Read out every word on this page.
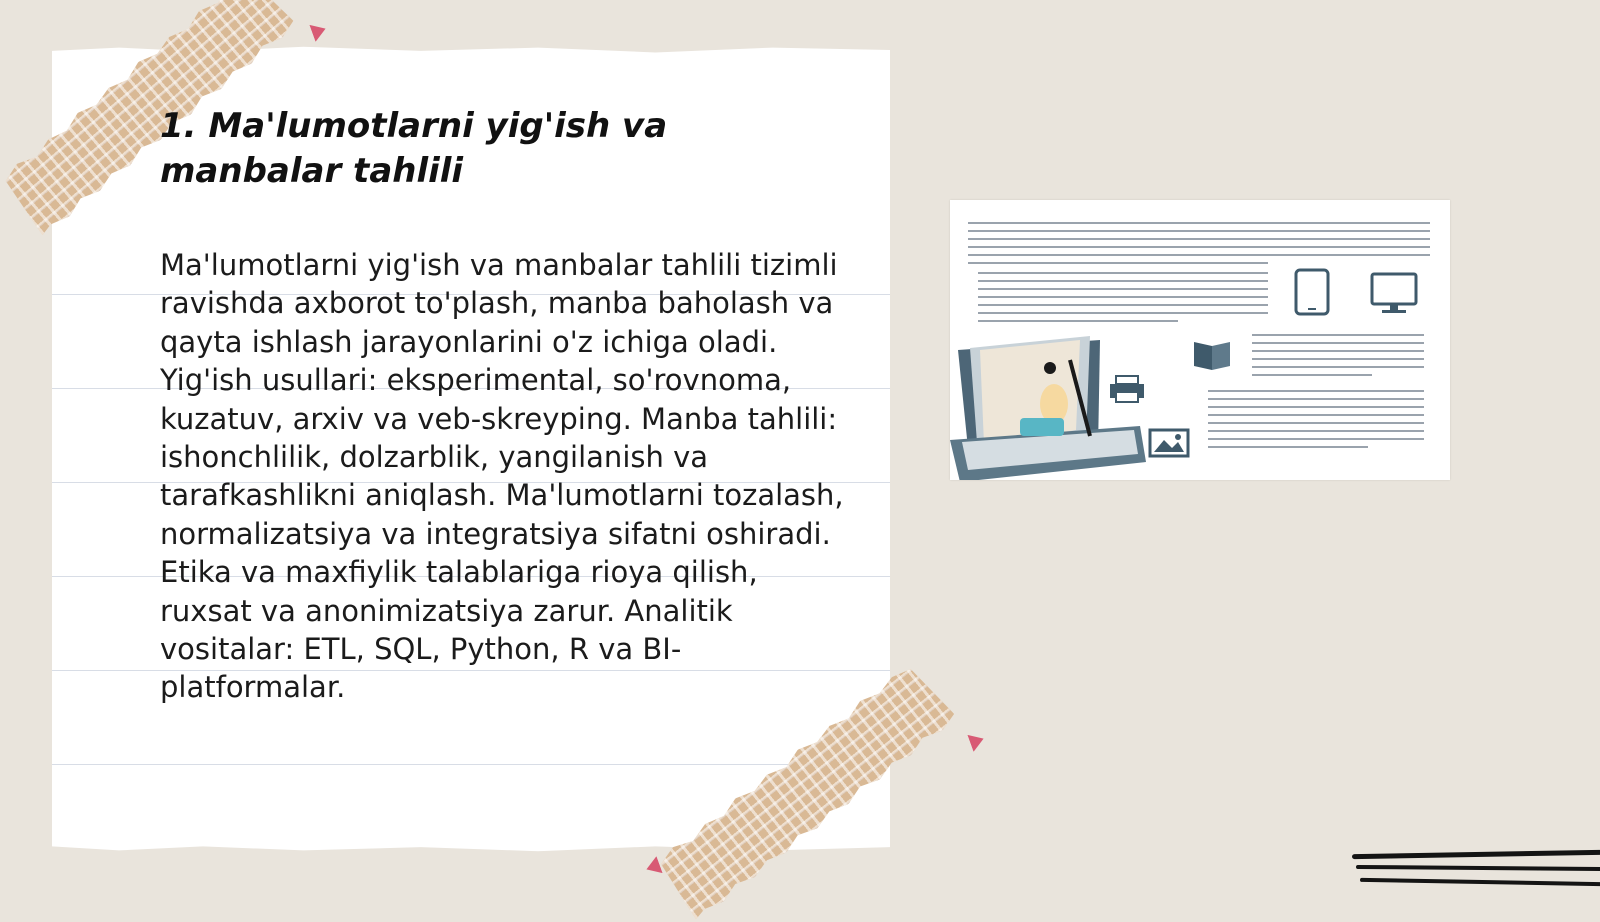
1. Ma'lumotlarni yig'ish va manbalar tahlili

Ma'lumotlarni yig'ish va manbalar tahlili tizimli ravishda axborot to'plash, manba baholash va qayta ishlash jarayonlarini o'z ichiga oladi. Yig'ish usullari: eksperimental, so'rovnoma, kuzatuv, arxiv va veb-skreyping. Manba tahlili: ishonchlilik, dolzarblik, yangilanish va tarafkashlikni aniqlash. Ma'lumotlarni tozalash, normalizatsiya va integratsiya sifatni oshiradi. Etika va maxfiylik talablariga rioya qilish, ruxsat va anonimizatsiya zarur. Analitik vositalar: ETL, SQL, Python, R va BI-platformalar.
